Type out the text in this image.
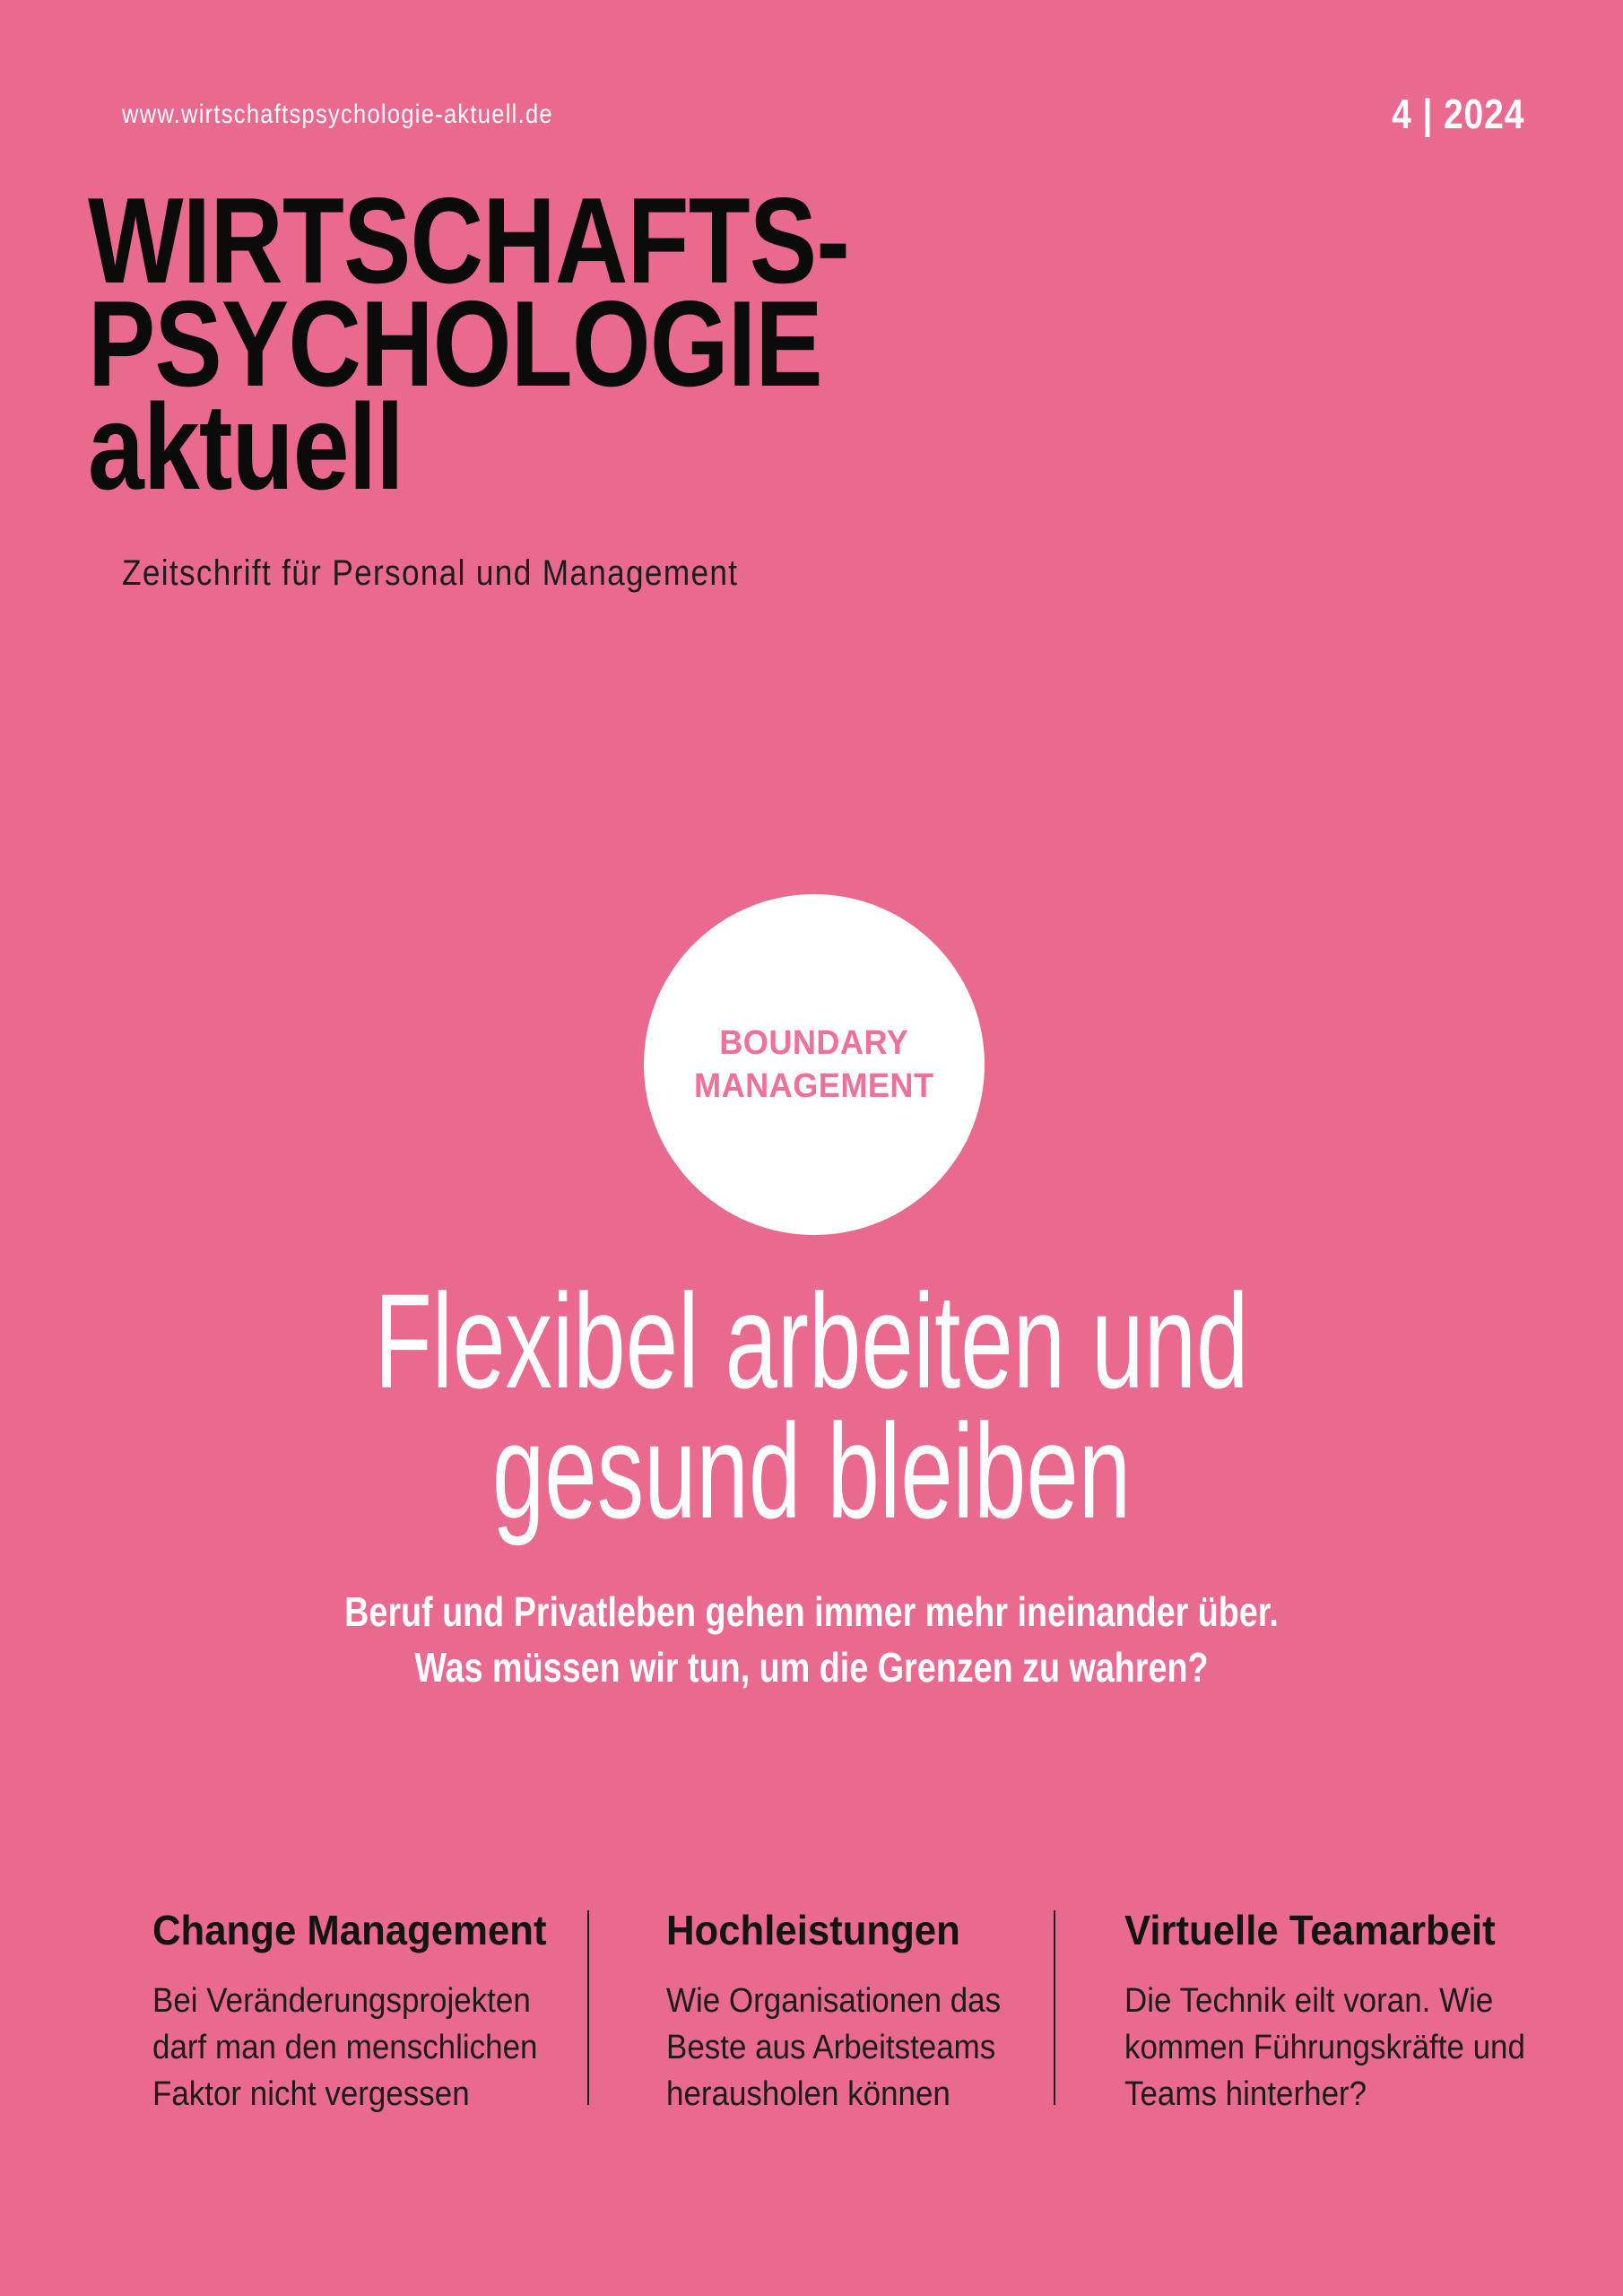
www.wirtschaftspsychologie-aktuell.de	4 | 2024
WIRTSCHAFTS-
PSYCHOLOGIE
aktuell
Zeitschrift für Personal und Management
BOUNDARY
MANAGEMENT
Flexibel arbeiten und
gesund bleiben
Beruf und Privatleben gehen immer mehr ineinander über.
Was müssen wir tun, um die Grenzen zu wahren?
Change Management
Bei Veränderungsprojekten
darf man den menschlichen
Faktor nicht vergessen
Hochleistungen
Wie Organisationen das
Beste aus Arbeitsteams
herausholen können
Virtuelle Teamarbeit
Die Technik eilt voran. Wie
kommen Führungskräfte und
Teams hinterher?
